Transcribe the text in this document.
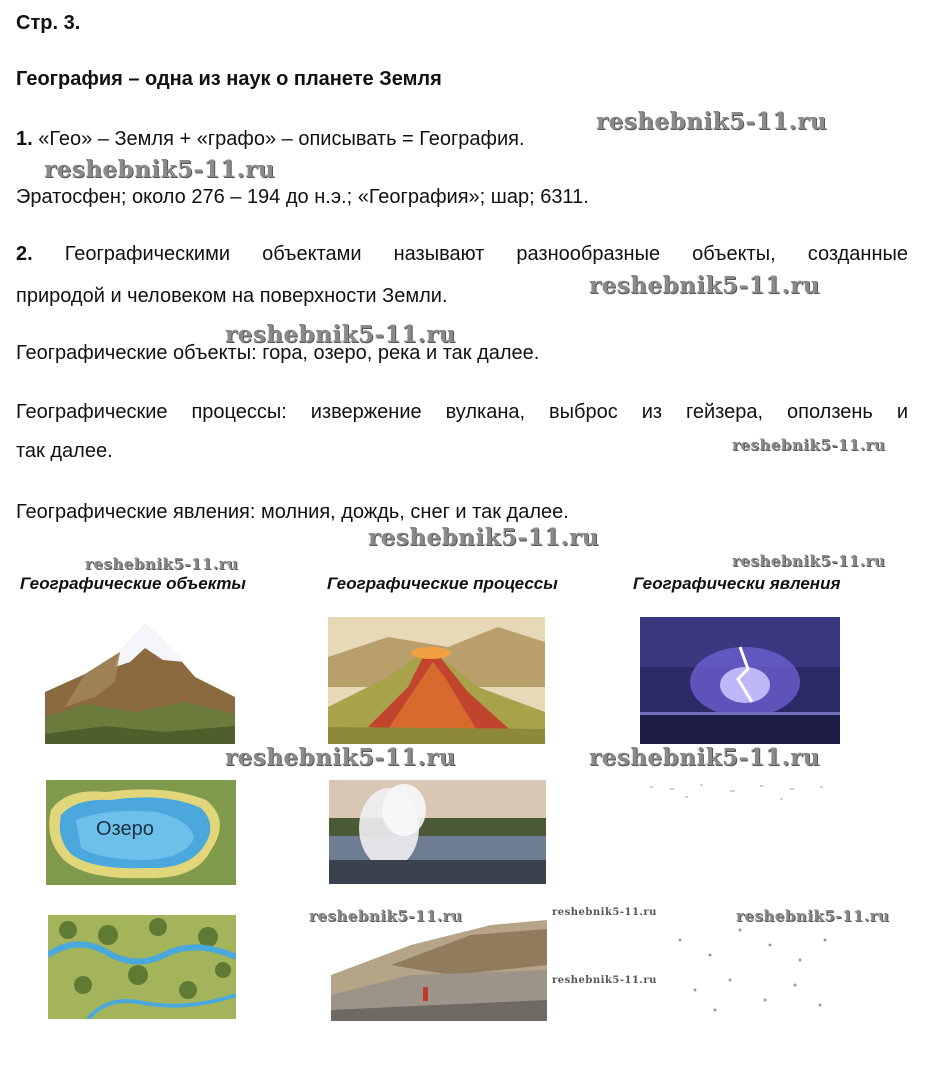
Стр. 3.
География – одна из наук о планете Земля
1. «Гео» – Земля + «графо» – описывать = География.
Эратосфен; около 276 – 194 до н.э.; «География»; шар; 6311.
2. Географическими объектами называют разнообразные объекты, созданные
природой и человеком на поверхности Земли.
Географические объекты: гора, озеро, река и так далее.
Географические процессы: извержение вулкана, выброс из гейзера, оползень и
так далее.
Географические явления: молния, дождь, снег и так далее.
Географические объекты	Географические процессы	Географически явления
Озеро
reshebnik5-11.ru
reshebnik5-11.ru
reshebnik5-11.ru
reshebnik5-11.ru
reshebnik5-11.ru
reshebnik5-11.ru
reshebnik5-11.ru	reshebnik5-11.ru
reshebnik5-11.ru	reshebnik5-11.ru
reshebnik5-11.ru	reshebnik5-11.ru	reshebnik5-11.ru
reshebnik5-11.ru
